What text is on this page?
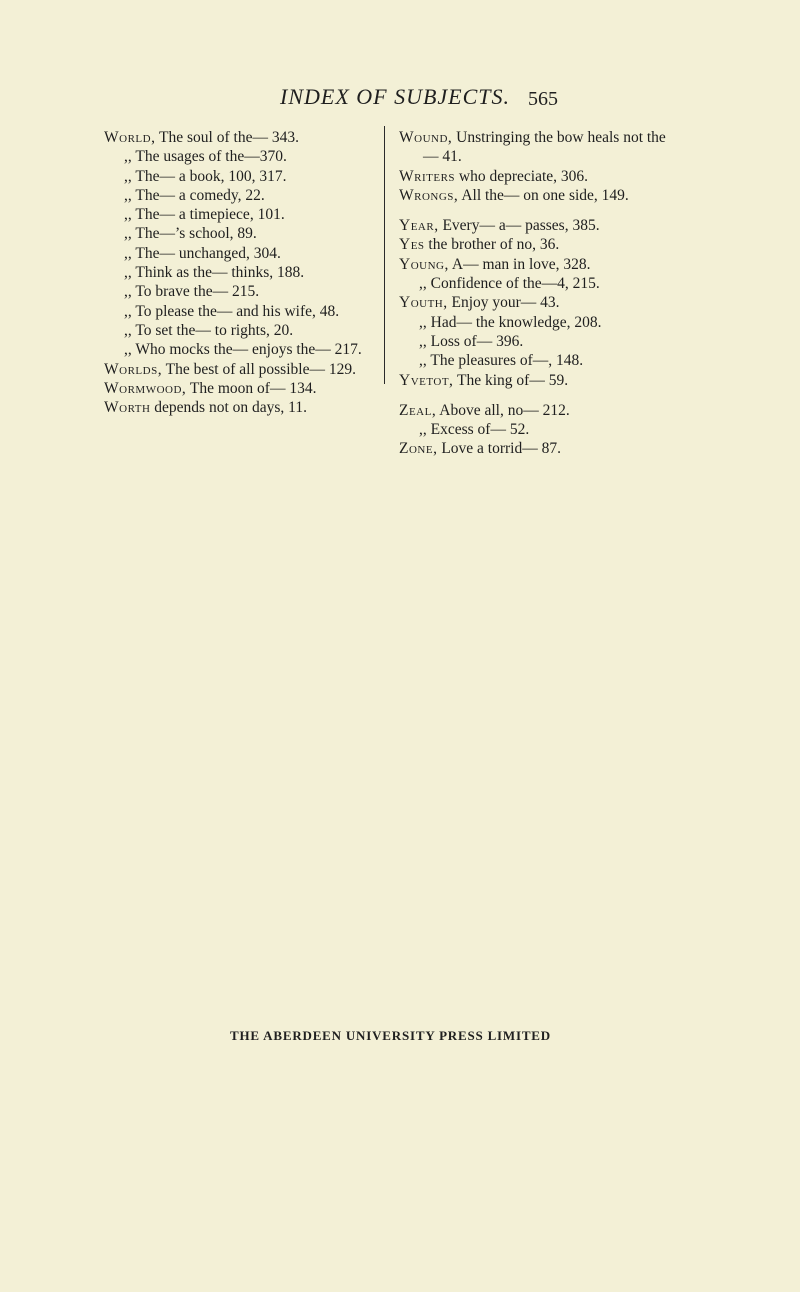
INDEX OF SUBJECTS. 565

World, The soul of the— 343.

,, The usages of the—370.

,, The— a book, 100, 317.

,, The— a comedy, 22.

,, The— a timepiece, 101.

,, The—’s school, 89.

,, The— unchanged, 304.

,, Think as the— thinks, 188.

,, To brave the— 215.

,, To please the— and his wife, 48.

,, To set the— to rights, 20.

,, Who mocks the— enjoys the— 217.

Worlds, The best of all possible— 129.

Wormwood, The moon of— 134.

Worth depends not on days, 11.

Wound, Unstringing the bow heals not the— 41.

Writers who depreciate, 306.

Wrongs, All the— on one side, 149.

Year, Every— a— passes, 385.

Yes the brother of no, 36.

Young, A— man in love, 328.

,, Confidence of the—4, 215.

Youth, Enjoy your— 43.

,, Had— the knowledge, 208.

,, Loss of— 396.

,, The pleasures of—, 148.

Yvetot, The king of— 59.

Zeal, Above all, no— 212.

,, Excess of— 52.

Zone, Love a torrid— 87.

THE ABERDEEN UNIVERSITY PRESS LIMITED
